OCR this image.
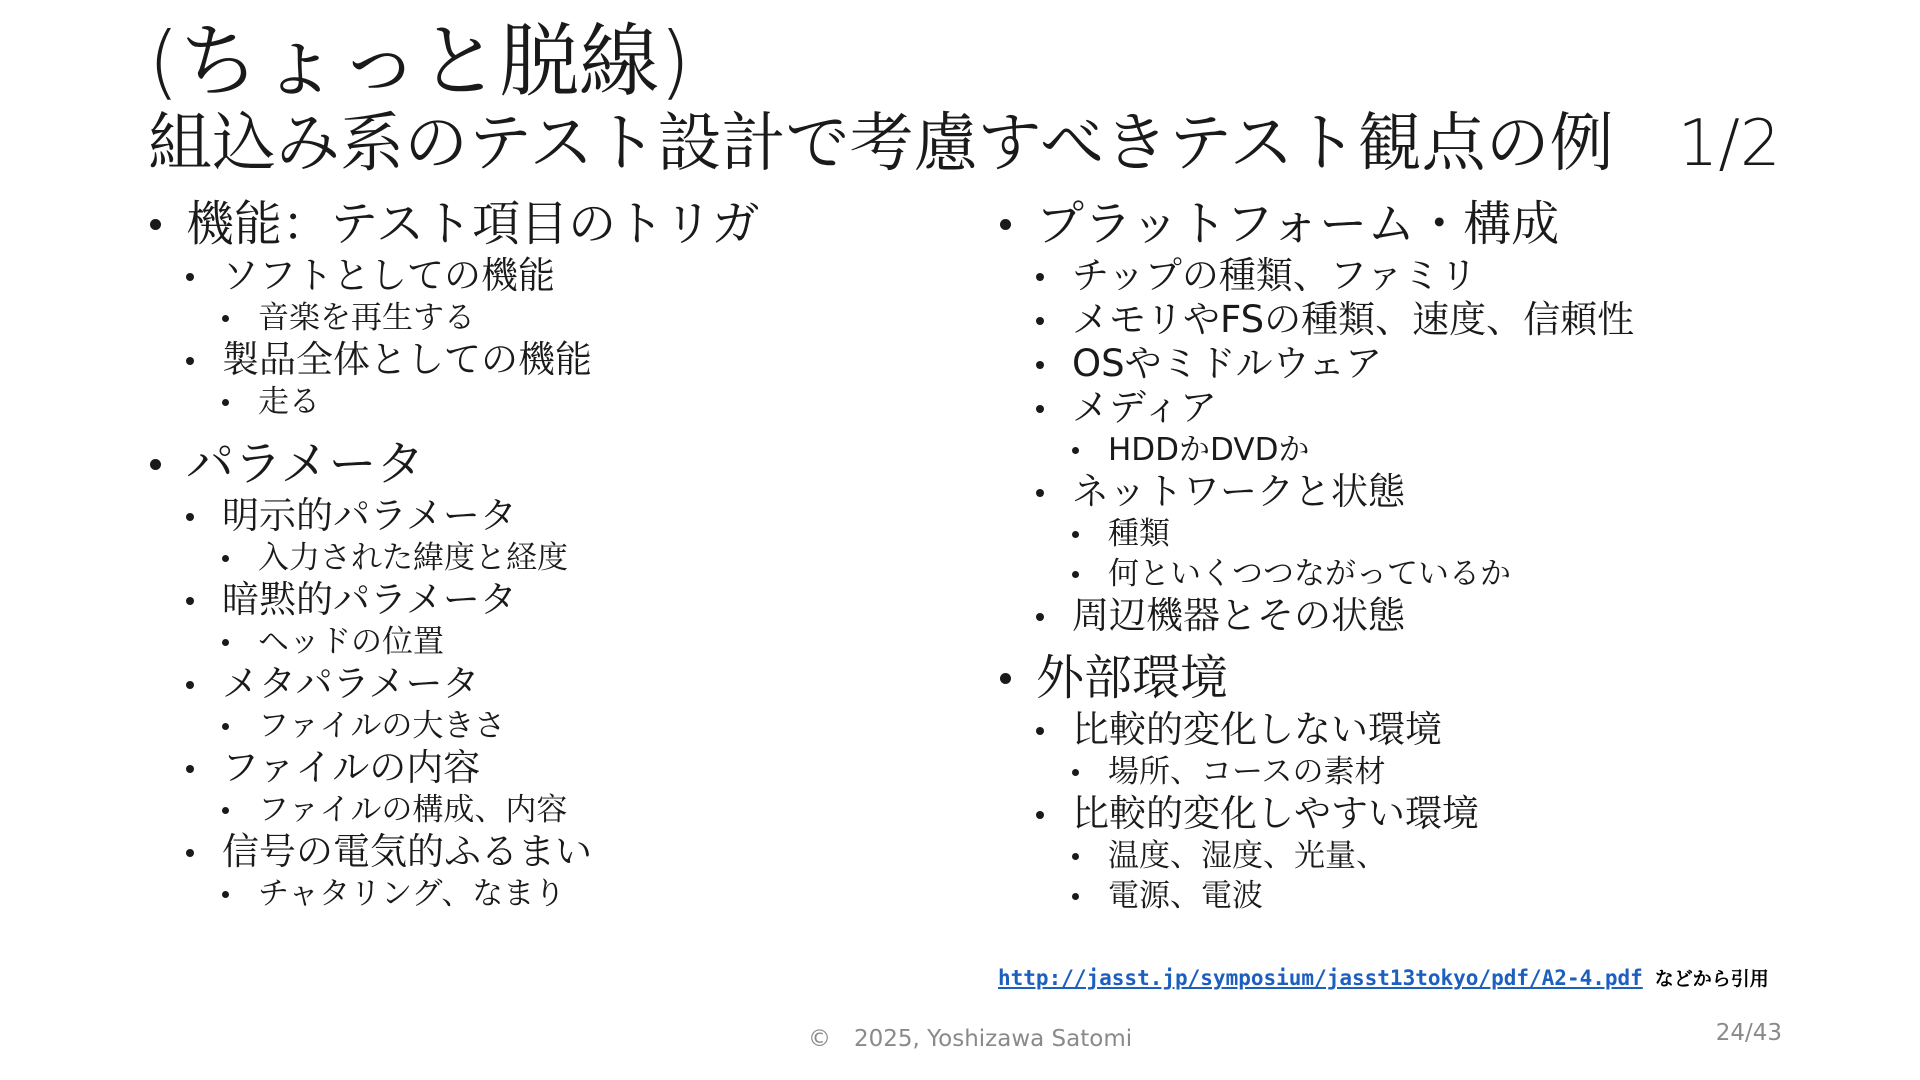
(ちょっと脱線)
組込み系のテスト設計で考慮すべきテスト観点の例　1/2
機能：テスト項目のトリガ
ソフトとしての機能
音楽を再生する
製品全体としての機能
走る
パラメータ
明示的パラメータ
入力された緯度と経度
暗黙的パラメータ
ヘッドの位置
メタパラメータ
ファイルの大きさ
ファイルの内容
ファイルの構成、内容
信号の電気的ふるまい
チャタリング、なまり
プラットフォーム・構成
チップの種類、ファミリ
メモリやFSの種類、速度、信頼性
OSやミドルウェア
メディア
HDDかDVDか
ネットワークと状態
種類
何といくつつながっているか
周辺機器とその状態
外部環境
比較的変化しない環境
場所、コースの素材
比較的変化しやすい環境
温度、湿度、光量、
電源、電波
http://jasst.jp/symposium/jasst13tokyo/pdf/A2-4.pdf などから引用
©　2025, Yoshizawa Satomi	24/43
